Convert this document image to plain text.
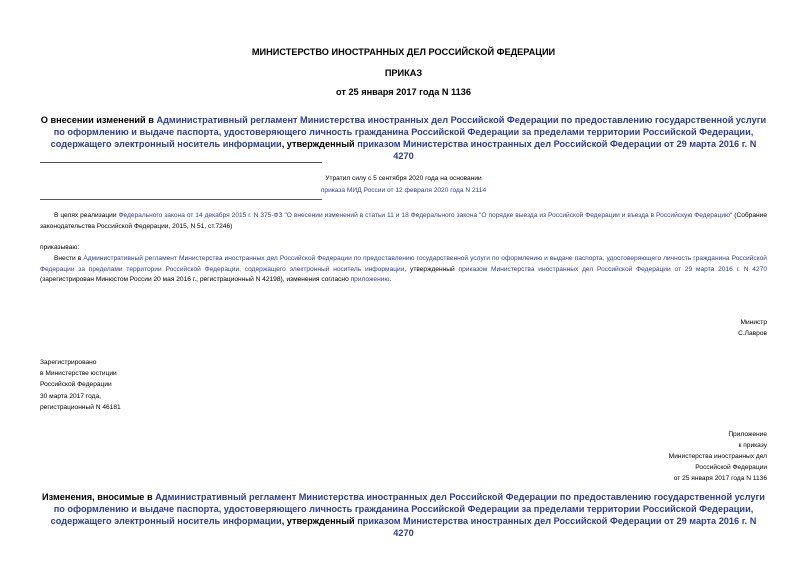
МИНИСТЕРСТВО ИНОСТРАННЫХ ДЕЛ РОССИЙСКОЙ ФЕДЕРАЦИИ
ПРИКАЗ
от 25 января 2017 года N 1136
О внесении изменений в Административный регламент Министерства иностранных дел Российской Федерации по предоставлению государственной услуги по оформлению и выдаче паспорта, удостоверяющего личность гражданина Российской Федерации за пределами территории Российской Федерации, содержащего электронный носитель информации, утвержденный приказом Министерства иностранных дел Российской Федерации от 29 марта 2016 г. N 4270
Утратил силу с 5 сентября 2020 года на основании
приказа МИД России от 12 февраля 2020 года N 2114
В целях реализации Федерального закона от 14 декабря 2015 г. N 375-ФЗ "О внесении изменений в статьи 11 и 18 Федерального закона "О порядке выезда из Российской Федерации и въезда в Российскую Федерацию" (Собрание законодательства Российской Федерации, 2015, N 51, ст.7246)
приказываю:
Внести в Административный регламент Министерства иностранных дел Российской Федерации по предоставлению государственной услуги по оформлению и выдаче паспорта, удостоверяющего личность гражданина Российской Федерации за пределами территории Российской Федерации, содержащего электронный носитель информации, утвержденный приказом Министерства иностранных дел Российской Федерации от 29 марта 2016 г. N 4270 (зарегистрирован Минюстом России 20 мая 2016 г., регистрационный N 42198), изменения согласно приложению.
Министр
С.Лавров
Зарегистрировано
в Министерстве юстиции
Российской Федерации
30 марта 2017 года,
регистрационный N 46181
Приложение
к приказу
Министерства иностранных дел
Российской Федерации
от 25 января 2017 года N 1136
Изменения, вносимые в Административный регламент Министерства иностранных дел Российской Федерации по предоставлению государственной услуги по оформлению и выдаче паспорта, удостоверяющего личность гражданина Российской Федерации за пределами территории Российской Федерации, содержащего электронный носитель информации, утвержденный приказом Министерства иностранных дел Российской Федерации от 29 марта 2016 г. N 4270
